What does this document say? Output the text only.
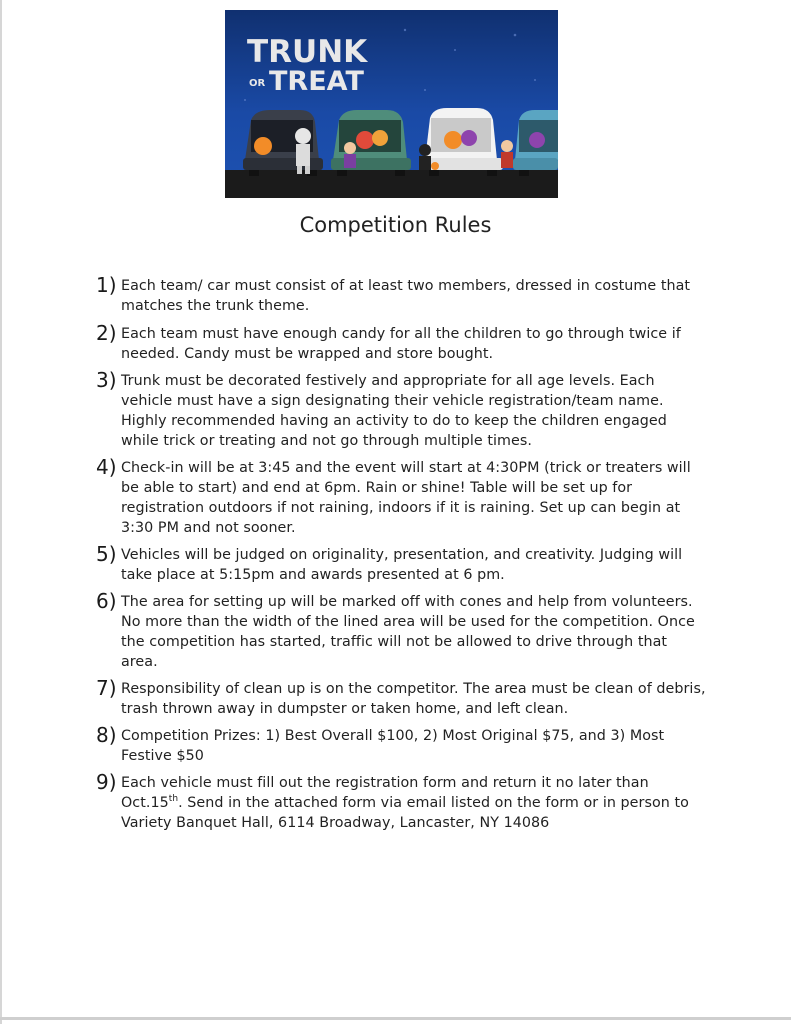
TRUNK
OR TREAT
Competition Rules
1) Each team/ car must consist of at least two members, dressed in costume that matches the trunk theme.
2) Each team must have enough candy for all the children to go through twice if needed. Candy must be wrapped and store bought.
3) Trunk must be decorated festively and appropriate for all age levels. Each vehicle must have a sign designating their vehicle registration/team name. Highly recommended having an activity to do to keep the children engaged while trick or treating and not go through multiple times.
4) Check-in will be at 3:45 and the event will start at 4:30PM (trick or treaters will be able to start) and end at 6pm. Rain or shine! Table will be set up for registration outdoors if not raining, indoors if it is raining. Set up can begin at 3:30 PM and not sooner.
5) Vehicles will be judged on originality, presentation, and creativity. Judging will take place at 5:15pm and awards presented at 6 pm.
6) The area for setting up will be marked off with cones and help from volunteers. No more than the width of the lined area will be used for the competition. Once the competition has started, traffic will not be allowed to drive through that area.
7) Responsibility of clean up is on the competitor. The area must be clean of debris, trash thrown away in dumpster or taken home, and left clean.
8) Competition Prizes: 1) Best Overall $100, 2) Most Original $75, and 3) Most Festive $50
9) Each vehicle must fill out the registration form and return it no later than Oct.15th. Send in the attached form via email listed on the form or in person to Variety Banquet Hall, 6114 Broadway, Lancaster, NY 14086
